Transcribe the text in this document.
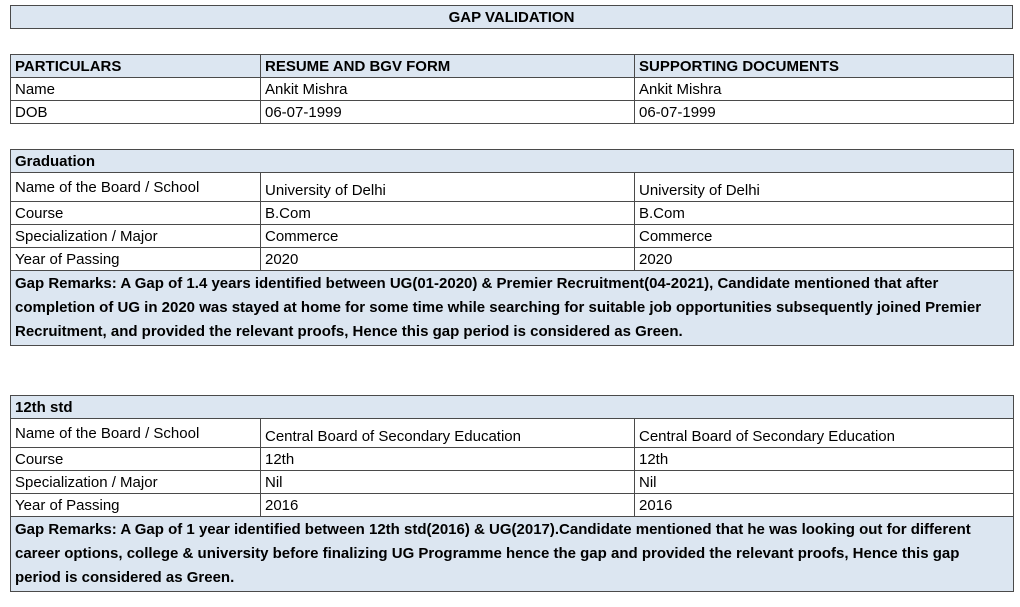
GAP VALIDATION
PARTICULARS	RESUME AND BGV FORM	SUPPORTING DOCUMENTS
Name	Ankit Mishra	Ankit Mishra
DOB	06-07-1999	06-07-1999
Graduation		
Name of the Board / School	University of Delhi	University of Delhi
Course	B.Com	B.Com
Specialization / Major	Commerce	Commerce
Year of Passing	2020	2020
Gap Remarks: A Gap of 1.4 years identified between UG(01-2020) & Premier Recruitment(04-2021), Candidate mentioned that after completion of UG in 2020 was stayed at home for some time while searching for suitable job opportunities subsequently joined Premier Recruitment, and provided the relevant proofs, Hence this gap period is considered as Green.		
12th std		
Name of the Board / School	Central Board of Secondary Education	Central Board of Secondary Education
Course	12th	12th
Specialization / Major	Nil	Nil
Year of Passing	2016	2016
Gap Remarks: A Gap of 1 year identified between 12th std(2016) & UG(2017).Candidate mentioned that he was looking out for different career options, college & university before finalizing UG Programme hence the gap and provided the relevant proofs, Hence this gap period is considered as Green.		
